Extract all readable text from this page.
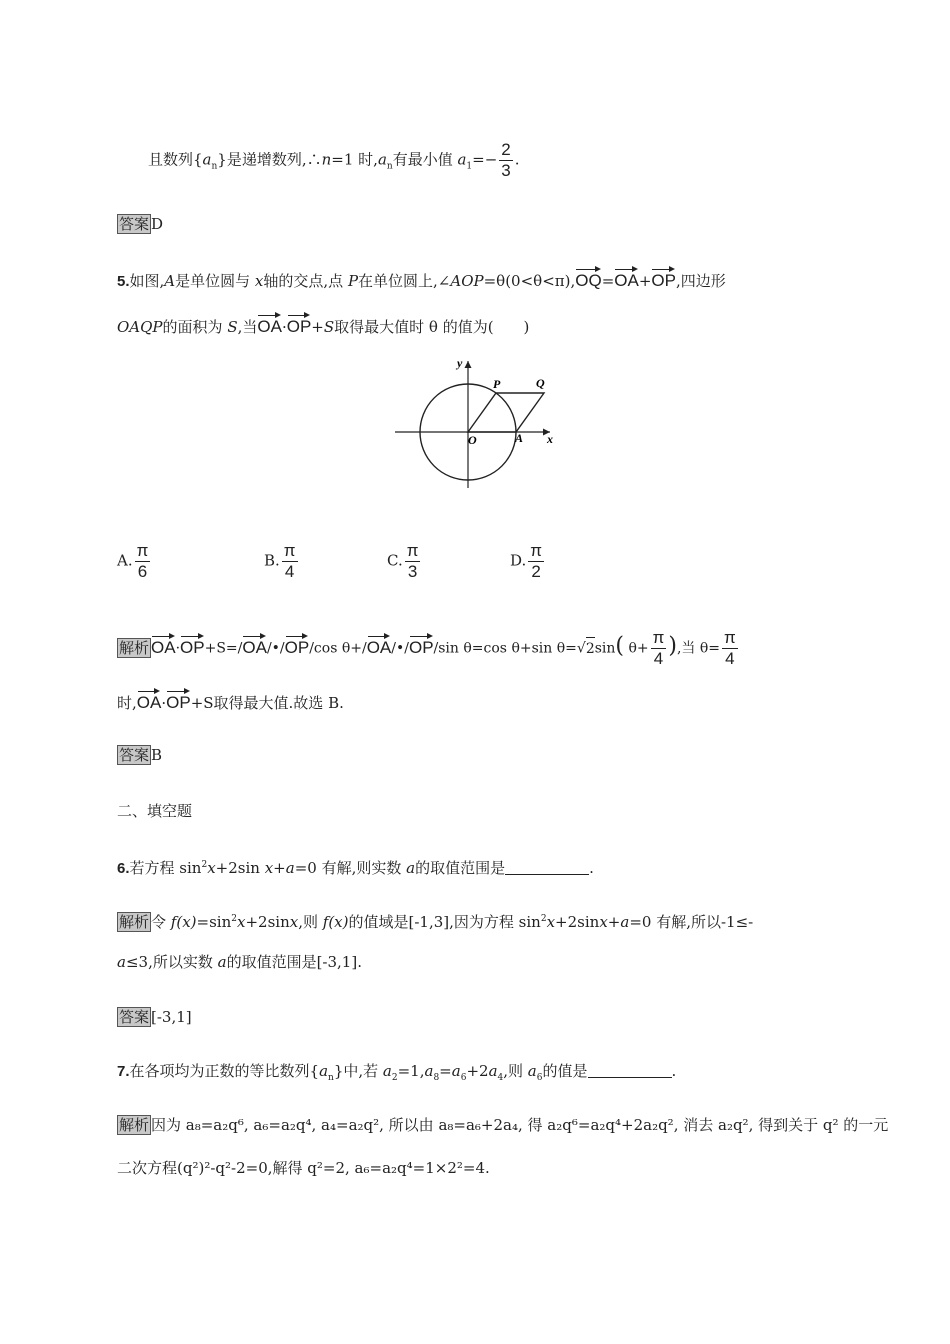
且数列$\{a_n\}$是递增数列,∴n=1 时$,a_n$有最小值 $a_1=- \frac{2}{3}$ .
答案 D
5.如图,A是单位圆与 x轴的交点,点 P在单位圆上,∠AOP=θ(0<θ<π),OQ=OA+OP,四边形
OAQP的面积为 S,当OA·OP+S取得最大值时 θ 的值为(　　)
y
x
O	A
P	Q
A. $\frac{\pi}{6}$	B. $\frac{\pi}{4}$	C. $\frac{\pi}{3}$	D. $\frac{\pi}{2}$
解析 OA·OP+S=/OA/•/OP/cos θ+/OA/•/OP/sin θ=cos θ+sin θ=√2sin( $\theta+ \frac{\pi}{4}$ ),当 $\theta= \frac{\pi}{4}$
时,OA·OP+S取得最大值.故选 B.
答案 B
二、填空题
6.若方程 $\sin^2x+2\sin$ x+a=0 有解,则实数 a的取值范围是	.
解析 令 $f(x)=\sin^2x+2\sin x$,则 f(x)的值域是[-1,3],因为方程 $\sin^2x+2\sin x+a=0$ 有解,所以-1≤-
a≤3,所以实数 a的取值范围是[-3,1].
答案 [-3,1]
7.在各项均为正数的等比数列$\{a_n\}$中,若 $a_2=1,a_8=a_6+2a_4$,则 $a_6$的值是	.
解析 因为 a₈=a₂q⁶, a₆=a₂q⁴, a₄=a₂q², 所以由 a₈=a₆+2a₄, 得 a₂q⁶=a₂q⁴+2a₂q², 消去 a₂q², 得到关于 q² 的一元
二次方程(q²)²-q²-2=0,解得 q²=2, a₆=a₂q⁴=1×2²=4.
